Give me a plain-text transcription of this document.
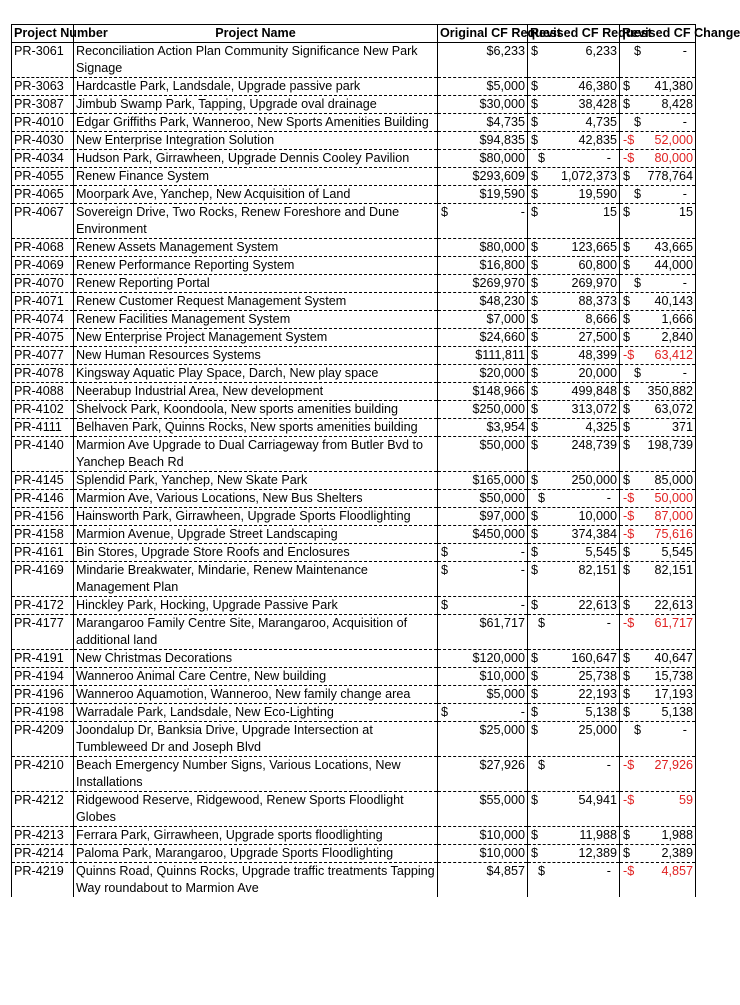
Project Number	Project Name	Original CF Request	Revised CF Request	Revised CF Change
PR-3061	Reconciliation Action Plan Community Significance New Park Signage	$6,233	$ 6,233	$ -

PR-3063	Hardcastle Park, Landsdale, Upgrade passive park	$5,000	$ 46,380	$ 41,380

PR-3087	Jimbub Swamp Park, Tapping, Upgrade oval drainage	$30,000	$ 38,428	$ 8,428

PR-4010	Edgar Griffiths Park, Wanneroo, New Sports Amenities Building	$4,735	$ 4,735	$ -

PR-4030	New Enterprise Integration Solution	$94,835	$ 42,835	-$ 52,000

PR-4034	Hudson Park, Girrawheen, Upgrade Dennis Cooley Pavilion	$80,000	$ -	-$ 80,000

PR-4055	Renew Finance System	$293,609	$ 1,072,373	$ 778,764

PR-4065	Moorpark Ave, Yanchep, New Acquisition of Land	$19,590	$ 19,590	$ -

PR-4067	Sovereign Drive, Two Rocks, Renew Foreshore and Dune Environment	$ -	$ 15	$ 15

PR-4068	Renew Assets Management System	$80,000	$ 123,665	$ 43,665

PR-4069	Renew Performance Reporting System	$16,800	$ 60,800	$ 44,000

PR-4070	Renew Reporting Portal	$269,970	$ 269,970	$ -

PR-4071	Renew Customer Request Management System	$48,230	$ 88,373	$ 40,143

PR-4074	Renew Facilities Management System	$7,000	$ 8,666	$ 1,666

PR-4075	New Enterprise Project Management System	$24,660	$ 27,500	$ 2,840

PR-4077	New Human Resources Systems	$111,811	$ 48,399	-$ 63,412

PR-4078	Kingsway Aquatic Play Space, Darch, New play space	$20,000	$ 20,000	$ -

PR-4088	Neerabup Industrial Area, New development	$148,966	$ 499,848	$ 350,882

PR-4102	Shelvock Park, Koondoola, New sports amenities building	$250,000	$ 313,072	$ 63,072

PR-4111	Belhaven Park, Quinns Rocks, New sports amenities building	$3,954	$ 4,325	$ 371

PR-4140	Marmion Ave Upgrade to Dual Carriageway from Butler Bvd to Yanchep Beach Rd	$50,000	$ 248,739	$ 198,739

PR-4145	Splendid Park, Yanchep, New Skate Park	$165,000	$ 250,000	$ 85,000

PR-4146	Marmion Ave, Various Locations, New Bus Shelters	$50,000	$ -	-$ 50,000

PR-4156	Hainsworth Park, Girrawheen, Upgrade Sports Floodlighting	$97,000	$ 10,000	-$ 87,000

PR-4158	Marmion Avenue, Upgrade Street Landscaping	$450,000	$ 374,384	-$ 75,616

PR-4161	Bin Stores, Upgrade Store Roofs and Enclosures	$ -	$ 5,545	$ 5,545

PR-4169	Mindarie Breakwater, Mindarie, Renew Maintenance Management Plan	$ -	$ 82,151	$ 82,151

PR-4172	Hinckley Park, Hocking, Upgrade Passive Park	$ -	$ 22,613	$ 22,613

PR-4177	Marangaroo Family Centre Site, Marangaroo, Acquisition of additional land	$61,717	$ -	-$ 61,717

PR-4191	New Christmas Decorations	$120,000	$ 160,647	$ 40,647

PR-4194	Wanneroo Animal Care Centre, New building	$10,000	$ 25,738	$ 15,738

PR-4196	Wanneroo Aquamotion, Wanneroo, New family change area	$5,000	$ 22,193	$ 17,193

PR-4198	Warradale Park, Landsdale, New Eco-Lighting	$ -	$ 5,138	$ 5,138

PR-4209	Joondalup Dr, Banksia Drive, Upgrade Intersection at Tumbleweed Dr and Joseph Blvd	$25,000	$ 25,000	$ -

PR-4210	Beach Emergency Number Signs, Various Locations, New Installations	$27,926	$ -	-$ 27,926

PR-4212	Ridgewood Reserve, Ridgewood, Renew Sports Floodlight Globes	$55,000	$ 54,941	-$ 59

PR-4213	Ferrara Park, Girrawheen, Upgrade sports floodlighting	$10,000	$ 11,988	$ 1,988

PR-4214	Paloma Park, Marangaroo, Upgrade Sports Floodlighting	$10,000	$ 12,389	$ 2,389

PR-4219	Quinns Road, Quinns Rocks, Upgrade traffic treatments Tapping Way roundabout to Marmion Ave	$4,857	$ -	-$ 4,857
